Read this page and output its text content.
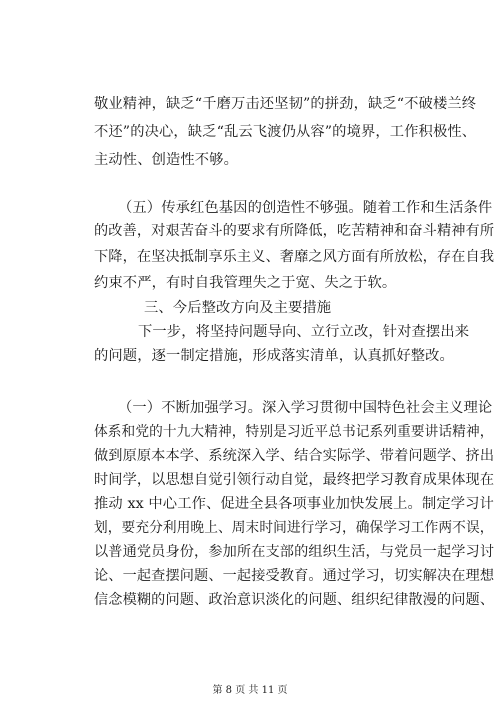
敬业精神，缺乏“千磨万击还坚韧”的拼劲，缺乏“不破楼兰终
不还”的决心，缺乏“乱云飞渡仍从容”的境界，工作积极性、
主动性、创造性不够。
（五）传承红色基因的创造性不够强。随着工作和生活条件
的改善，对艰苦奋斗的要求有所降低，吃苦精神和奋斗精神有所
下降，在坚决抵制享乐主义、奢靡之风方面有所放松，存在自我
约束不严，有时自我管理失之于宽、失之于软。
三、今后整改方向及主要措施
下一步，将坚持问题导向、立行立改，针对查摆出来
的问题，逐一制定措施，形成落实清单，认真抓好整改。
（一）不断加强学习。深入学习贯彻中国特色社会主义理论
体系和党的十九大精神，特别是习近平总书记系列重要讲话精神，
做到原原本本学、系统深入学、结合实际学、带着问题学、挤出
时间学，以思想自觉引领行动自觉，最终把学习教育成果体现在
推动 xx 中心工作、促进全县各项事业加快发展上。制定学习计
划，要充分利用晚上、周末时间进行学习，确保学习工作两不误，
以普通党员身份，参加所在支部的组织生活，与党员一起学习讨
论、一起查摆问题、一起接受教育。通过学习，切实解决在理想
信念模糊的问题、政治意识淡化的问题、组织纪律散漫的问题、
第 8 页 共 11 页
